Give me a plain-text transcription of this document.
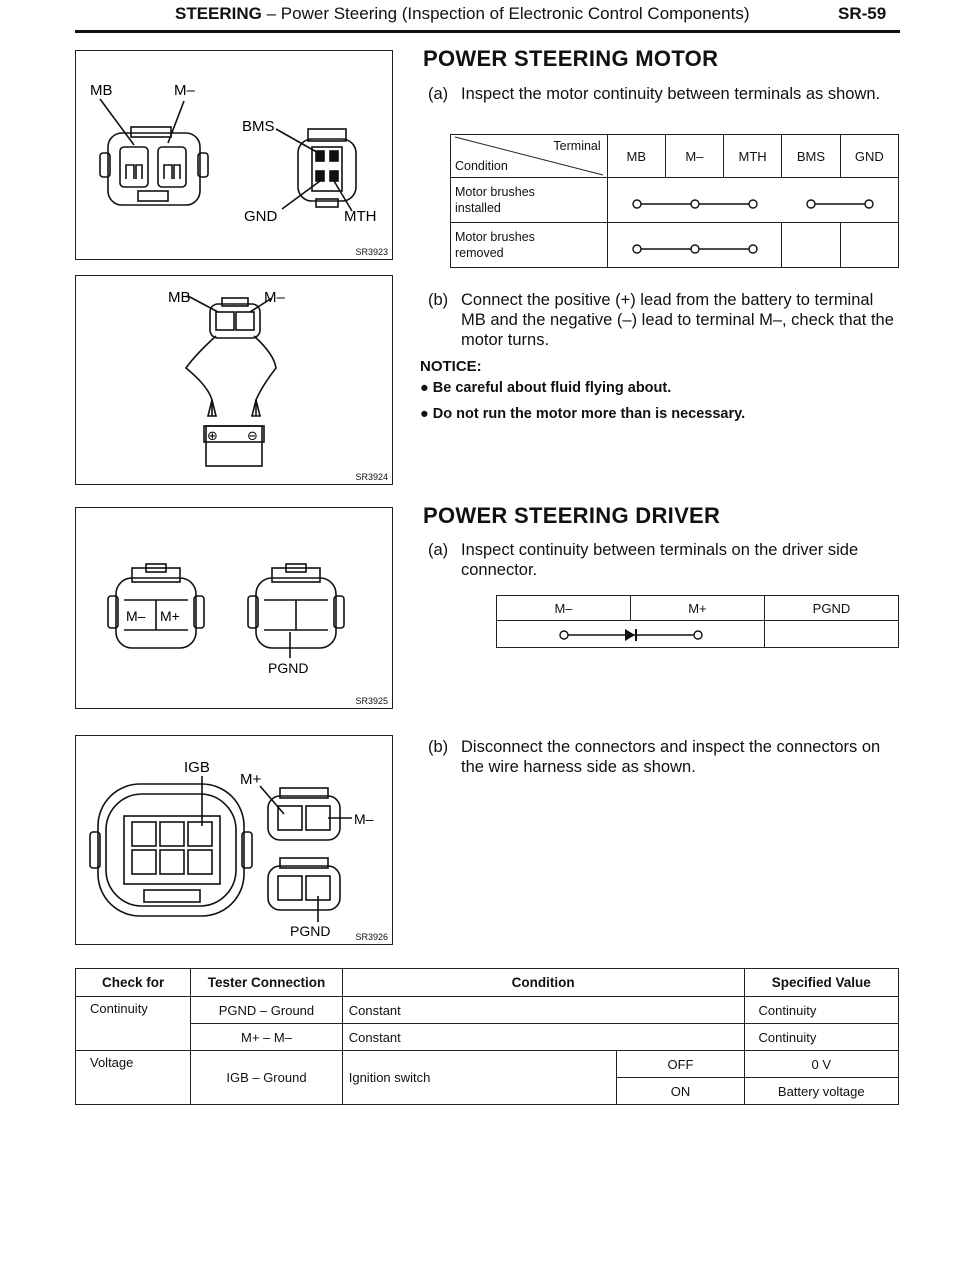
STEERING – Power Steering (Inspection of Electronic Control Components)	SR-59
MB	M–
BMS
GND	MTH
SR3923
MB	M–
⊕ ⊖
SR3924
M– M+
PGND
SR3925
IGB
M+
M–
PGND	SR3926
POWER STEERING MOTOR
(a) Inspect the motor continuity between terminals as shown.
Terminal
Condition	MB	M–	MTH	BMS	GND
Motor brushes
installed	

Motor brushes
removed	

(b) Connect the positive (+) lead from the battery to terminal MB and the negative (–) lead to terminal M–, check that the motor turns.
NOTICE:
● Be careful about fluid flying about.
● Do not run the motor more than is necessary.
POWER STEERING DRIVER
(a) Inspect continuity between terminals on the driver side connector.
M–	M+	PGND

(b) Disconnect the connectors and inspect the connectors on the wire harness side as shown.
Check for	Tester Connection	Condition		Specified Value
Continuity	PGND – Ground	Constant		Continuity
	M+ – M–	Constant		Continuity
Voltage	IGB – Ground	Ignition switch	OFF	0 V
			ON	Battery voltage
